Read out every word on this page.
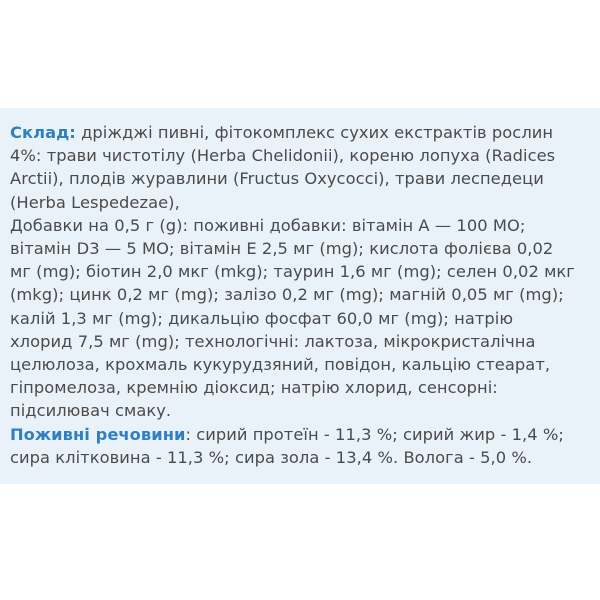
Склад: дріжджі пивні, фітокомплекс сухих екстрактів рослин
4%: трави чистотілу (Herba Chelidonii), кореню лопуха (Radices
Arctii), плодів журавлини (Fructus Oxycocci), трави леспедеци
(Herba Lespedezae),
Добавки на 0,5 г (g): поживні добавки: вітамін А — 100 МО;
вітамін D3 — 5 МО; вітамін Е 2,5 мг (mg); кислота фолієва 0,02
мг (mg); біотин 2,0 мкг (mkg); таурин 1,6 мг (mg); селен 0,02 мкг
(mkg); цинк 0,2 мг (mg); залізо 0,2 мг (mg); магній 0,05 мг (mg);
калій 1,3 мг (mg); дикальцію фосфат 60,0 мг (mg); натрію
хлорид 7,5 мг (mg); технологічні: лактоза, мікрокристалічна
целюлоза, крохмаль кукурудзяний, повідон, кальцію стеарат,
гіпромелоза, кремнію діоксид; натрію хлорид, сенсорні:
підсилювач смаку.
Поживні речовини: сирий протеїн - 11,3 %; сирий жир - 1,4 %;
сира клітковина - 11,3 %; сира зола - 13,4 %. Вологa - 5,0 %.
